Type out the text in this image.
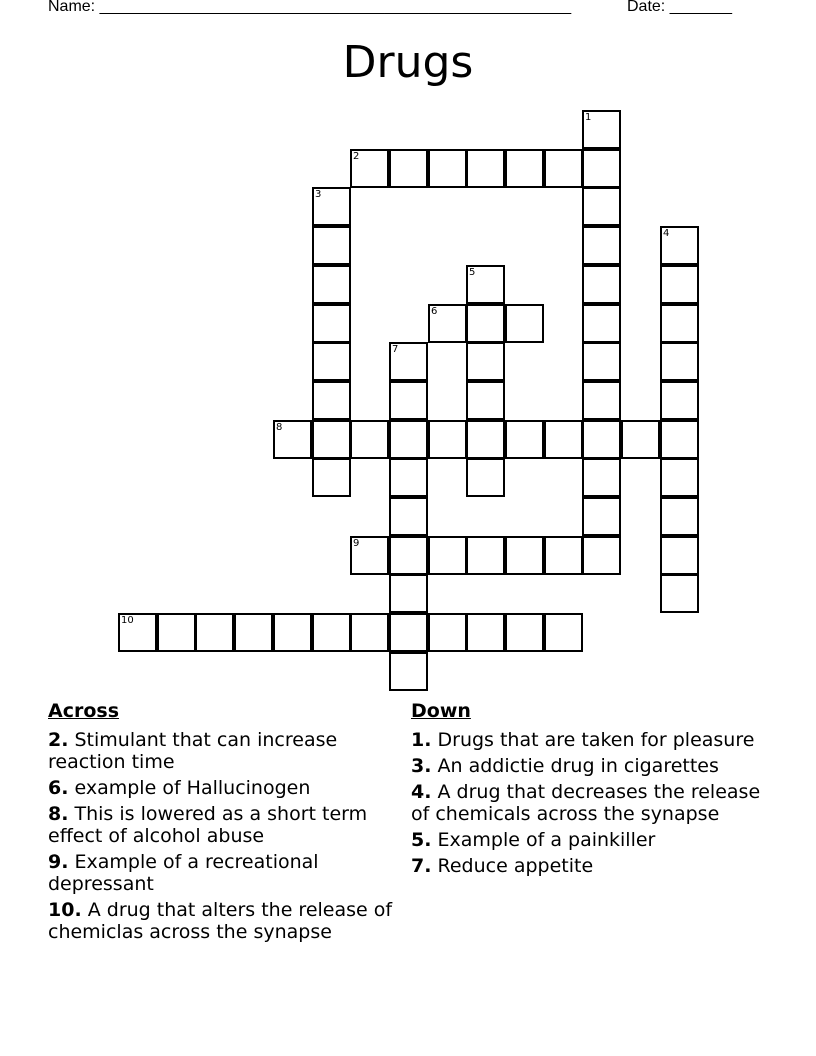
Name: _____________________________________________________	Date: _______
Drugs
1
2
3
4
5
6
7
8
9
10
Across
2. Stimulant that can increase reaction time
6. example of Hallucinogen
8. This is lowered as a short term effect of alcohol abuse
9. Example of a recreational depressant
10. A drug that alters the release of chemiclas across the synapse
Down
1. Drugs that are taken for pleasure
3. An addictie drug in cigarettes
4. A drug that decreases the release of chemicals across the synapse
5. Example of a painkiller
7. Reduce appetite
